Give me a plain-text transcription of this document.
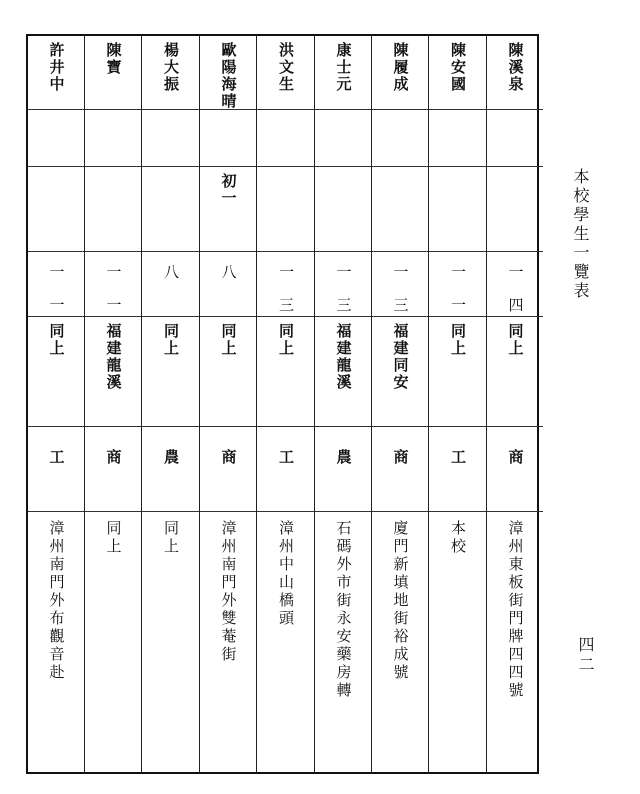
許井中
一一
同上
工
漳州南門外布觀音赴
陳寶
一一
福建龍溪
商
同上
楊大振
八
同上
農
同上
歐陽海晴
初一
八
同上
商
漳州南門外雙菴街
洪文生
一三
同上
工
漳州中山橋頭
康士元
一三
福建龍溪
農
石碼外市街永安藥房轉
陳履成
一三
福建同安
商
廈門新填地街裕成號
陳安國
一一
同上
工
本校
陳溪泉
一四
同上
商
漳州東板街門牌四四號
本校學生一覽表
四二
